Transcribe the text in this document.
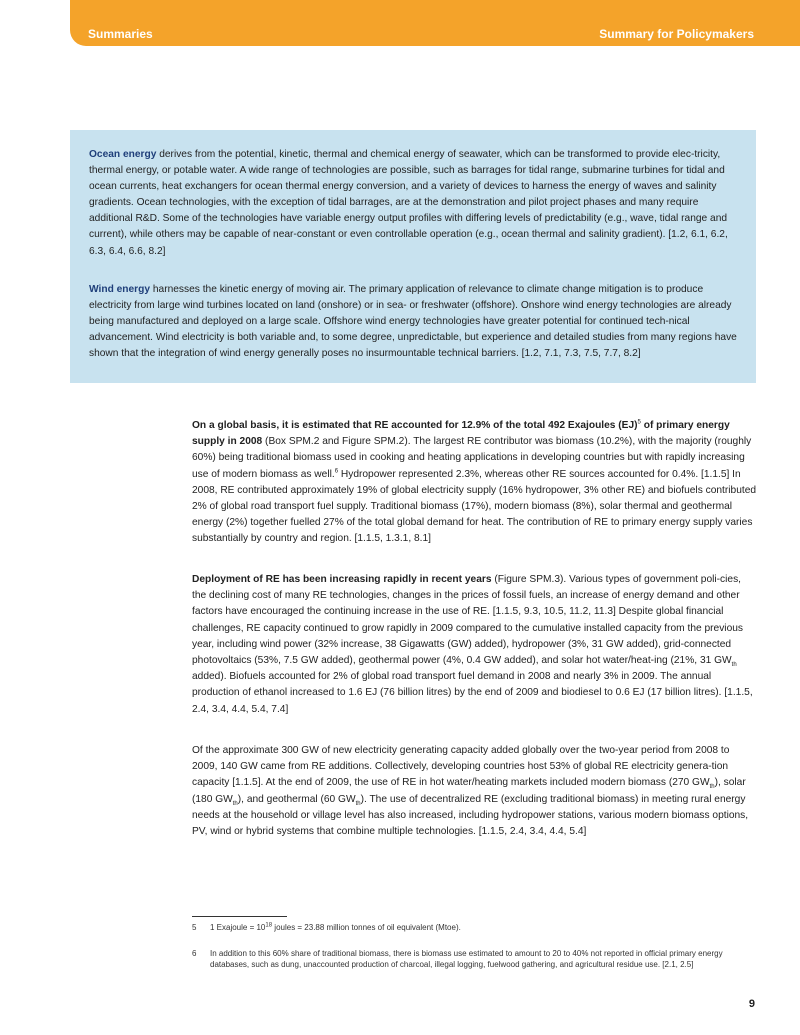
Summaries	Summary for Policymakers

Ocean energy derives from the potential, kinetic, thermal and chemical energy of seawater, which can be transformed to provide elec-tricity, thermal energy, or potable water. A wide range of technologies are possible, such as barrages for tidal range, submarine turbines for tidal and ocean currents, heat exchangers for ocean thermal energy conversion, and a variety of devices to harness the energy of waves and salinity gradients. Ocean technologies, with the exception of tidal barrages, are at the demonstration and pilot project phases and many require additional R&D. Some of the technologies have variable energy output profiles with differing levels of predictability (e.g., wave, tidal range and current), while others may be capable of near-constant or even controllable operation (e.g., ocean thermal and salinity gradient). [1.2, 6.1, 6.2, 6.3, 6.4, 6.6, 8.2]

Wind energy harnesses the kinetic energy of moving air. The primary application of relevance to climate change mitigation is to produce electricity from large wind turbines located on land (onshore) or in sea- or freshwater (offshore). Onshore wind energy technologies are already being manufactured and deployed on a large scale. Offshore wind energy technologies have greater potential for continued tech-nical advancement. Wind electricity is both variable and, to some degree, unpredictable, but experience and detailed studies from many regions have shown that the integration of wind energy generally poses no insurmountable technical barriers. [1.2, 7.1, 7.3, 7.5, 7.7, 8.2]

On a global basis, it is estimated that RE accounted for 12.9% of the total 492 Exajoules (EJ)$^5$ of primary energy supply in 2008 (Box SPM.2 and Figure SPM.2). The largest RE contributor was biomass (10.2%), with the majority (roughly 60%) being traditional biomass used in cooking and heating applications in developing countries but with rapidly increasing use of modern biomass as well.$^6$ Hydropower represented 2.3%, whereas other RE sources accounted for 0.4%. [1.1.5] In 2008, RE contributed approximately 19% of global electricity supply (16% hydropower, 3% other RE) and biofuels contributed 2% of global road transport fuel supply. Traditional biomass (17%), modern biomass (8%), solar thermal and geothermal energy (2%) together fuelled 27% of the total global demand for heat. The contribution of RE to primary energy supply varies substantially by country and region. [1.1.5, 1.3.1, 8.1]

Deployment of RE has been increasing rapidly in recent years (Figure SPM.3). Various types of government poli-cies, the declining cost of many RE technologies, changes in the prices of fossil fuels, an increase of energy demand and other factors have encouraged the continuing increase in the use of RE. [1.1.5, 9.3, 10.5, 11.2, 11.3] Despite global financial challenges, RE capacity continued to grow rapidly in 2009 compared to the cumulative installed capacity from the previous year, including wind power (32% increase, 38 Gigawatts (GW) added), hydropower (3%, 31 GW added), grid-connected photovoltaics (53%, 7.5 GW added), geothermal power (4%, 0.4 GW added), and solar hot water/heat-ing (21%, 31 $GW_{th}$ added). Biofuels accounted for 2% of global road transport fuel demand in 2008 and nearly 3% in 2009. The annual production of ethanol increased to 1.6 EJ (76 billion litres) by the end of 2009 and biodiesel to 0.6 EJ (17 billion litres). [1.1.5, 2.4, 3.4, 4.4, 5.4, 7.4]

Of the approximate 300 GW of new electricity generating capacity added globally over the two-year period from 2008 to 2009, 140 GW came from RE additions. Collectively, developing countries host 53% of global RE electricity genera-tion capacity [1.1.5]. At the end of 2009, the use of RE in hot water/heating markets included modern biomass (270 $GW_{th}$), solar (180 $GW_{th}$), and geothermal (60 $GW_{th}$). The use of decentralized RE (excluding traditional biomass) in meeting rural energy needs at the household or village level has also increased, including hydropower stations, various modern biomass options, PV, wind or hybrid systems that combine multiple technologies. [1.1.5, 2.4, 3.4, 4.4, 5.4]

5 1 Exajoule = $10^{18}$ joules = 23.88 million tonnes of oil equivalent (Mtoe).
6 In addition to this 60% share of traditional biomass, there is biomass use estimated to amount to 20 to 40% not reported in official primary energy databases, such as dung, unaccounted production of charcoal, illegal logging, fuelwood gathering, and agricultural residue use. [2.1, 2.5]
9
